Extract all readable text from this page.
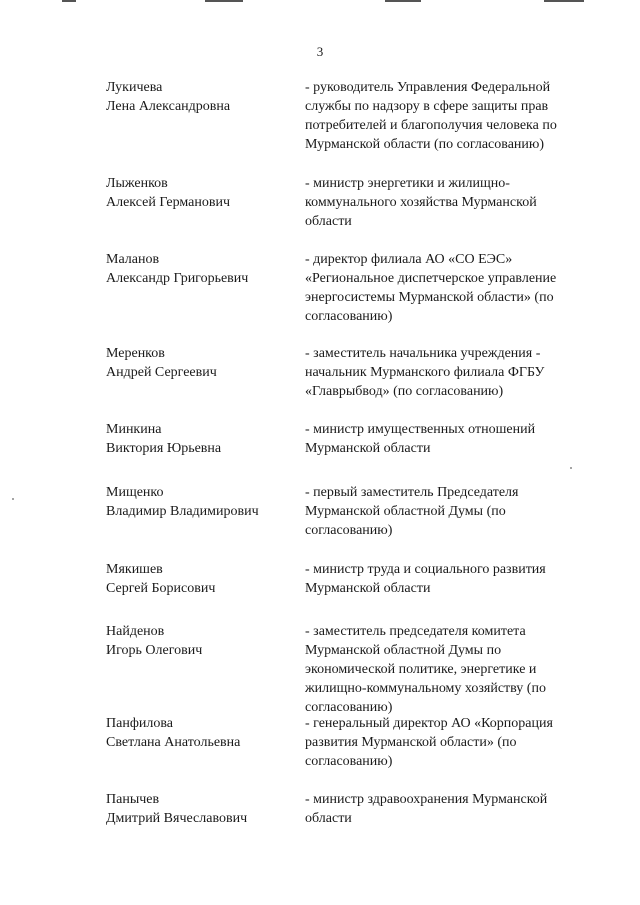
3
Лукичева
Лена Александровна
- руководитель Управления Федеральной
службы по надзору в сфере защиты прав
потребителей и благополучия человека по
Мурманской области (по согласованию)
Лыженков
Алексей Германович
- министр энергетики и жилищно-
коммунального хозяйства Мурманской
области
Маланов
Александр Григорьевич
- директор филиала АО «СО ЕЭС»
«Региональное диспетчерское управление
энергосистемы Мурманской области» (по
согласованию)
Меренков
Андрей Сергеевич
- заместитель начальника учреждения -
начальник Мурманского филиала ФГБУ
«Главрыбвод» (по согласованию)
Минкина
Виктория Юрьевна
- министр имущественных отношений
Мурманской области
Мищенко
Владимир Владимирович
- первый заместитель Председателя
Мурманской областной Думы (по
согласованию)
Мякишев
Сергей Борисович
- министр труда и социального развития
Мурманской области
Найденов
Игорь Олегович
- заместитель председателя комитета
Мурманской областной Думы по
экономической политике, энергетике и
жилищно-коммунальному хозяйству (по
согласованию)
Панфилова
Светлана Анатольевна
- генеральный директор АО «Корпорация
развития Мурманской области» (по
согласованию)
Панычев
Дмитрий Вячеславович
- министр здравоохранения Мурманской
области
